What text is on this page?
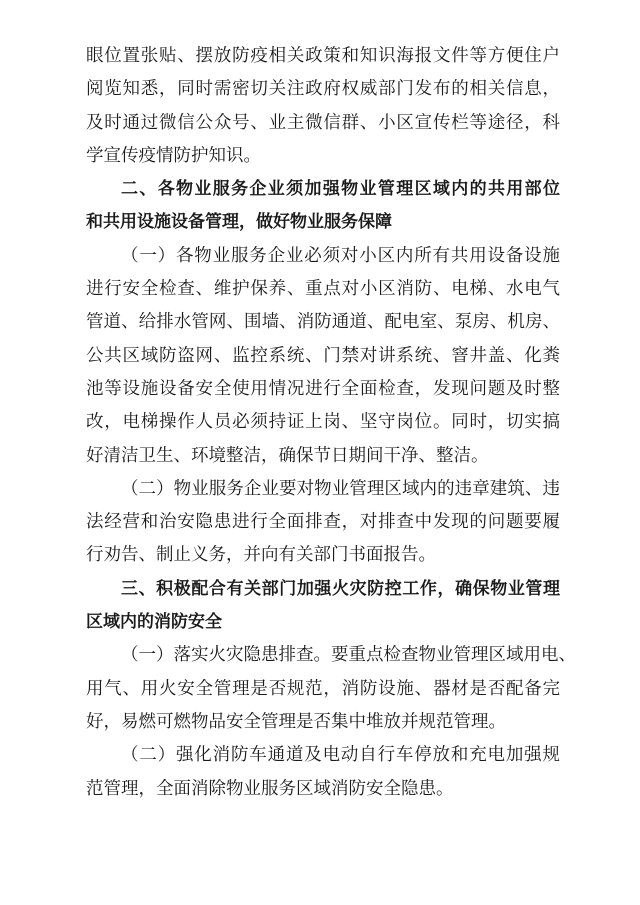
眼位置张贴、摆放防疫相关政策和知识海报文件等方便住户
阅览知悉，同时需密切关注政府权威部门发布的相关信息，
及时通过微信公众号、业主微信群、小区宣传栏等途径，科
学宣传疫情防护知识。
二、各物业服务企业须加强物业管理区域内的共用部位
和共用设施设备管理，做好物业服务保障
（一）各物业服务企业必须对小区内所有共用设备设施
进行安全检查、维护保养、重点对小区消防、电梯、水电气
管道、给排水管网、围墙、消防通道、配电室、泵房、机房、
公共区域防盗网、监控系统、门禁对讲系统、窨井盖、化粪
池等设施设备安全使用情况进行全面检查，发现问题及时整
改，电梯操作人员必须持证上岗、坚守岗位。同时，切实搞
好清洁卫生、环境整洁，确保节日期间干净、整洁。
（二）物业服务企业要对物业管理区域内的违章建筑、违
法经营和治安隐患进行全面排查，对排查中发现的问题要履
行劝告、制止义务，并向有关部门书面报告。
三、积极配合有关部门加强火灾防控工作，确保物业管理
区域内的消防安全
（一）落实火灾隐患排查。要重点检查物业管理区域用电、
用气、用火安全管理是否规范，消防设施、器材是否配备完
好，易燃可燃物品安全管理是否集中堆放并规范管理。
（二）强化消防车通道及电动自行车停放和充电加强规
范管理，全面消除物业服务区域消防安全隐患。
